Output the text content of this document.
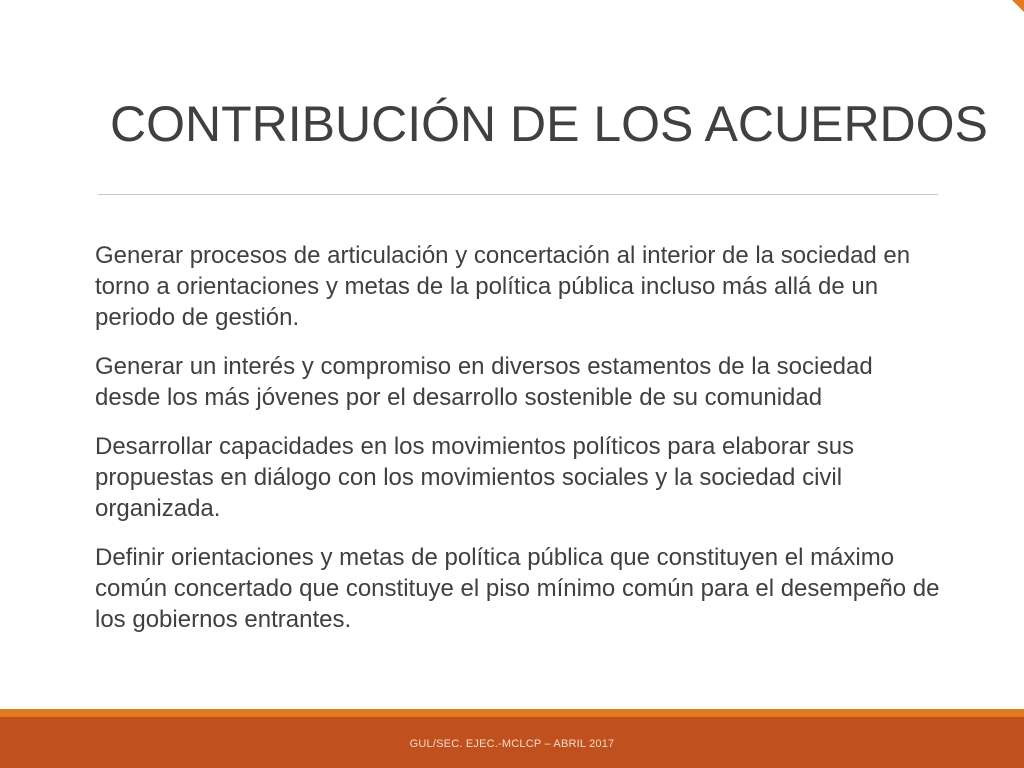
CONTRIBUCIÓN DE LOS ACUERDOS

Generar procesos de articulación y concertación al interior de la sociedad en torno a orientaciones y metas de la política pública incluso más allá de un periodo de gestión.

Generar un interés y compromiso en diversos estamentos de la sociedad desde los más jóvenes por el desarrollo sostenible de su comunidad

Desarrollar capacidades en los movimientos políticos para elaborar sus propuestas en diálogo con los movimientos sociales y la sociedad civil organizada.

Definir orientaciones y metas de política pública que constituyen el máximo común concertado que constituye el piso mínimo común para el desempeño de los gobiernos entrantes.

GUL/SEC. EJEC.-MCLCP – ABRIL 2017
